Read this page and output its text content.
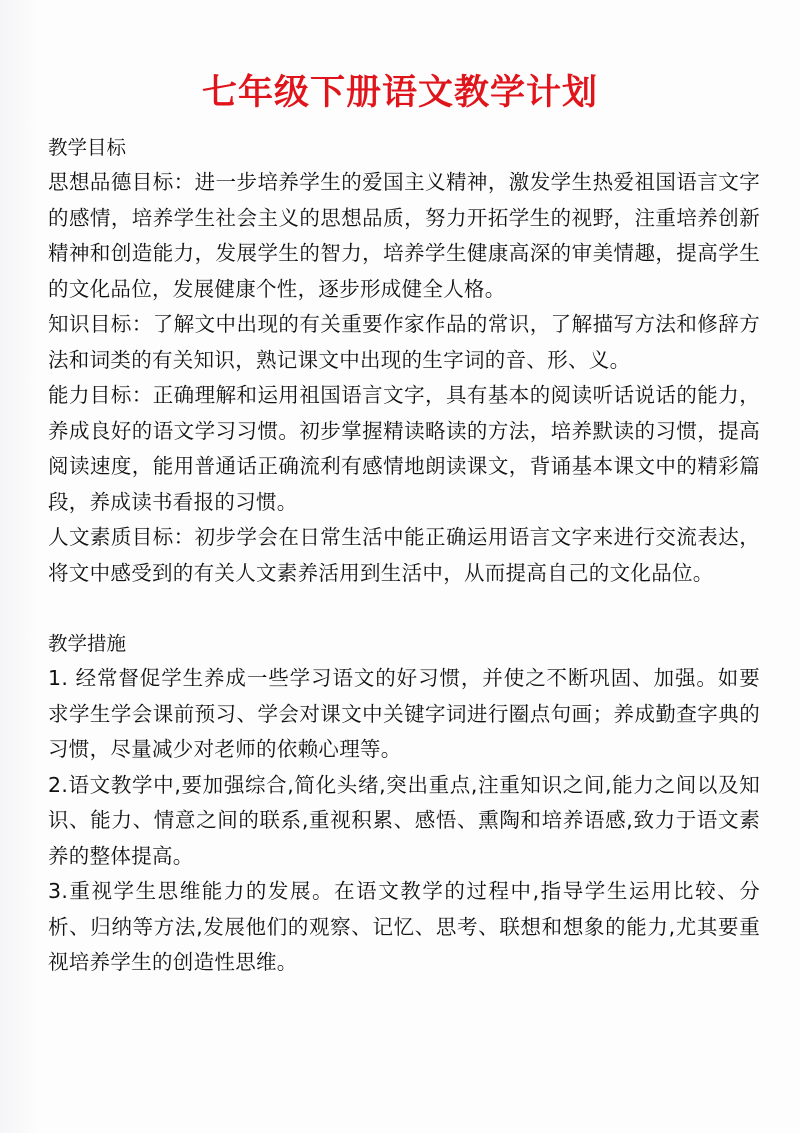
七年级下册语文教学计划

教学目标

思想品德目标：进一步培养学生的爱国主义精神，激发学生热爱祖国语言文字的感情，培养学生社会主义的思想品质，努力开拓学生的视野，注重培养创新精神和创造能力，发展学生的智力，培养学生健康高深的审美情趣，提高学生的文化品位，发展健康个性，逐步形成健全人格。

知识目标：了解文中出现的有关重要作家作品的常识，了解描写方法和修辞方法和词类的有关知识，熟记课文中出现的生字词的音、形、义。

能力目标：正确理解和运用祖国语言文字，具有基本的阅读听话说话的能力，养成良好的语文学习习惯。初步掌握精读略读的方法，培养默读的习惯，提高阅读速度，能用普通话正确流利有感情地朗读课文，背诵基本课文中的精彩篇段，养成读书看报的习惯。

人文素质目标：初步学会在日常生活中能正确运用语言文字来进行交流表达，将文中感受到的有关人文素养活用到生活中，从而提高自己的文化品位。

教学措施

1. 经常督促学生养成一些学习语文的好习惯，并使之不断巩固、加强。如要求学生学会课前预习、学会对课文中关键字词进行圈点句画；养成勤查字典的习惯，尽量减少对老师的依赖心理等。

2.语文教学中,要加强综合,简化头绪,突出重点,注重知识之间,能力之间以及知识、能力、情意之间的联系,重视积累、感悟、熏陶和培养语感,致力于语文素养的整体提高。

3.重视学生思维能力的发展。在语文教学的过程中,指导学生运用比较、分析、归纳等方法,发展他们的观察、记忆、思考、联想和想象的能力,尤其要重视培养学生的创造性思维。
